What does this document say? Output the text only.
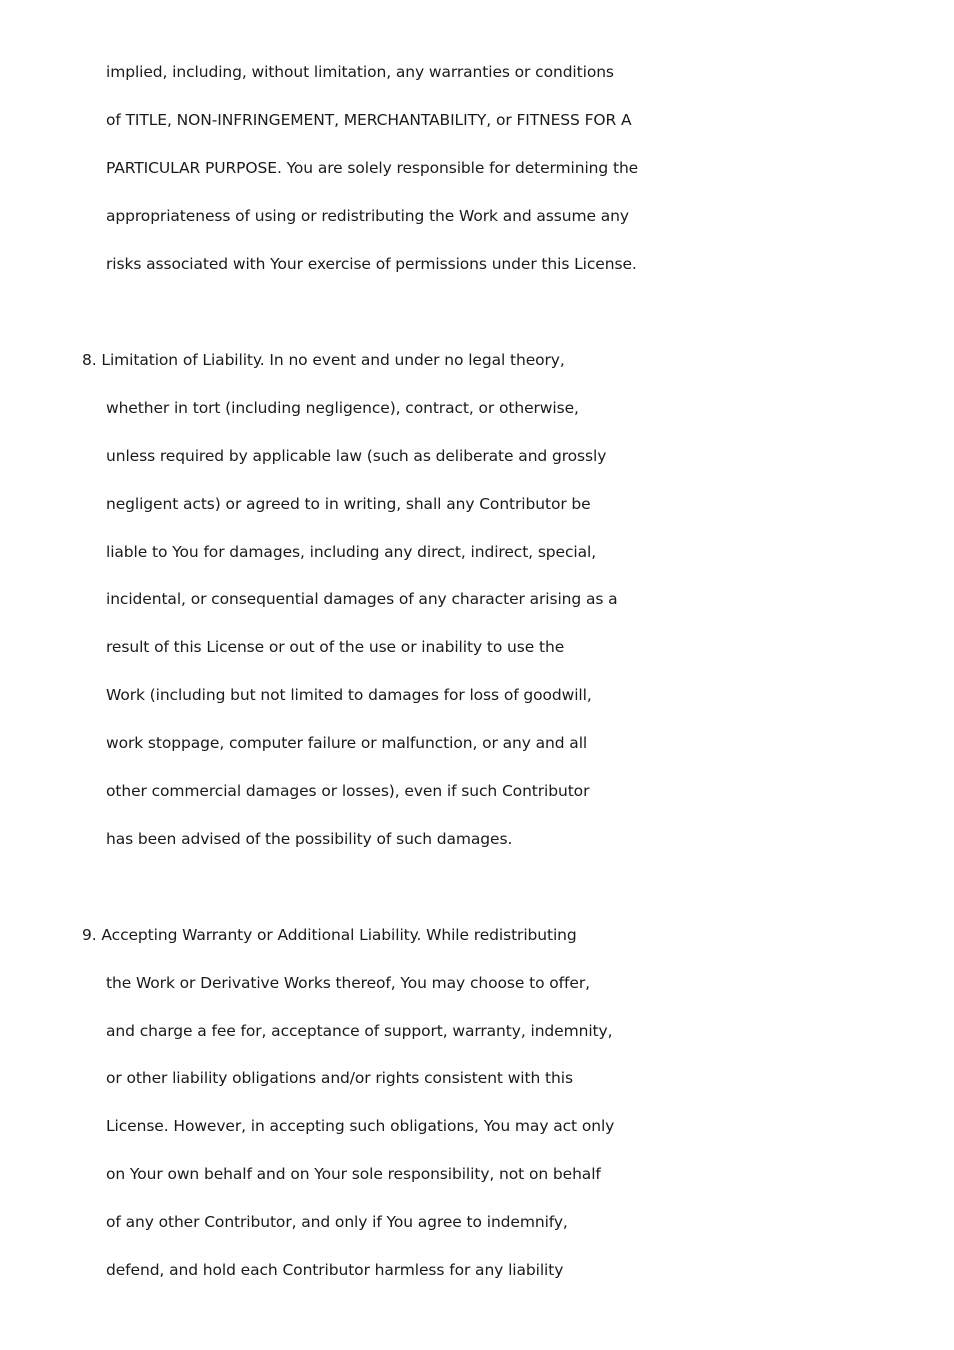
implied, including, without limitation, any warranties or conditions
of TITLE, NON-INFRINGEMENT, MERCHANTABILITY, or FITNESS FOR A
PARTICULAR PURPOSE. You are solely responsible for determining the
appropriateness of using or redistributing the Work and assume any
risks associated with Your exercise of permissions under this License.
8. Limitation of Liability. In no event and under no legal theory,
whether in tort (including negligence), contract, or otherwise,
unless required by applicable law (such as deliberate and grossly
negligent acts) or agreed to in writing, shall any Contributor be
liable to You for damages, including any direct, indirect, special,
incidental, or consequential damages of any character arising as a
result of this License or out of the use or inability to use the
Work (including but not limited to damages for loss of goodwill,
work stoppage, computer failure or malfunction, or any and all
other commercial damages or losses), even if such Contributor
has been advised of the possibility of such damages.
9. Accepting Warranty or Additional Liability. While redistributing
the Work or Derivative Works thereof, You may choose to offer,
and charge a fee for, acceptance of support, warranty, indemnity,
or other liability obligations and/or rights consistent with this
License. However, in accepting such obligations, You may act only
on Your own behalf and on Your sole responsibility, not on behalf
of any other Contributor, and only if You agree to indemnify,
defend, and hold each Contributor harmless for any liability
